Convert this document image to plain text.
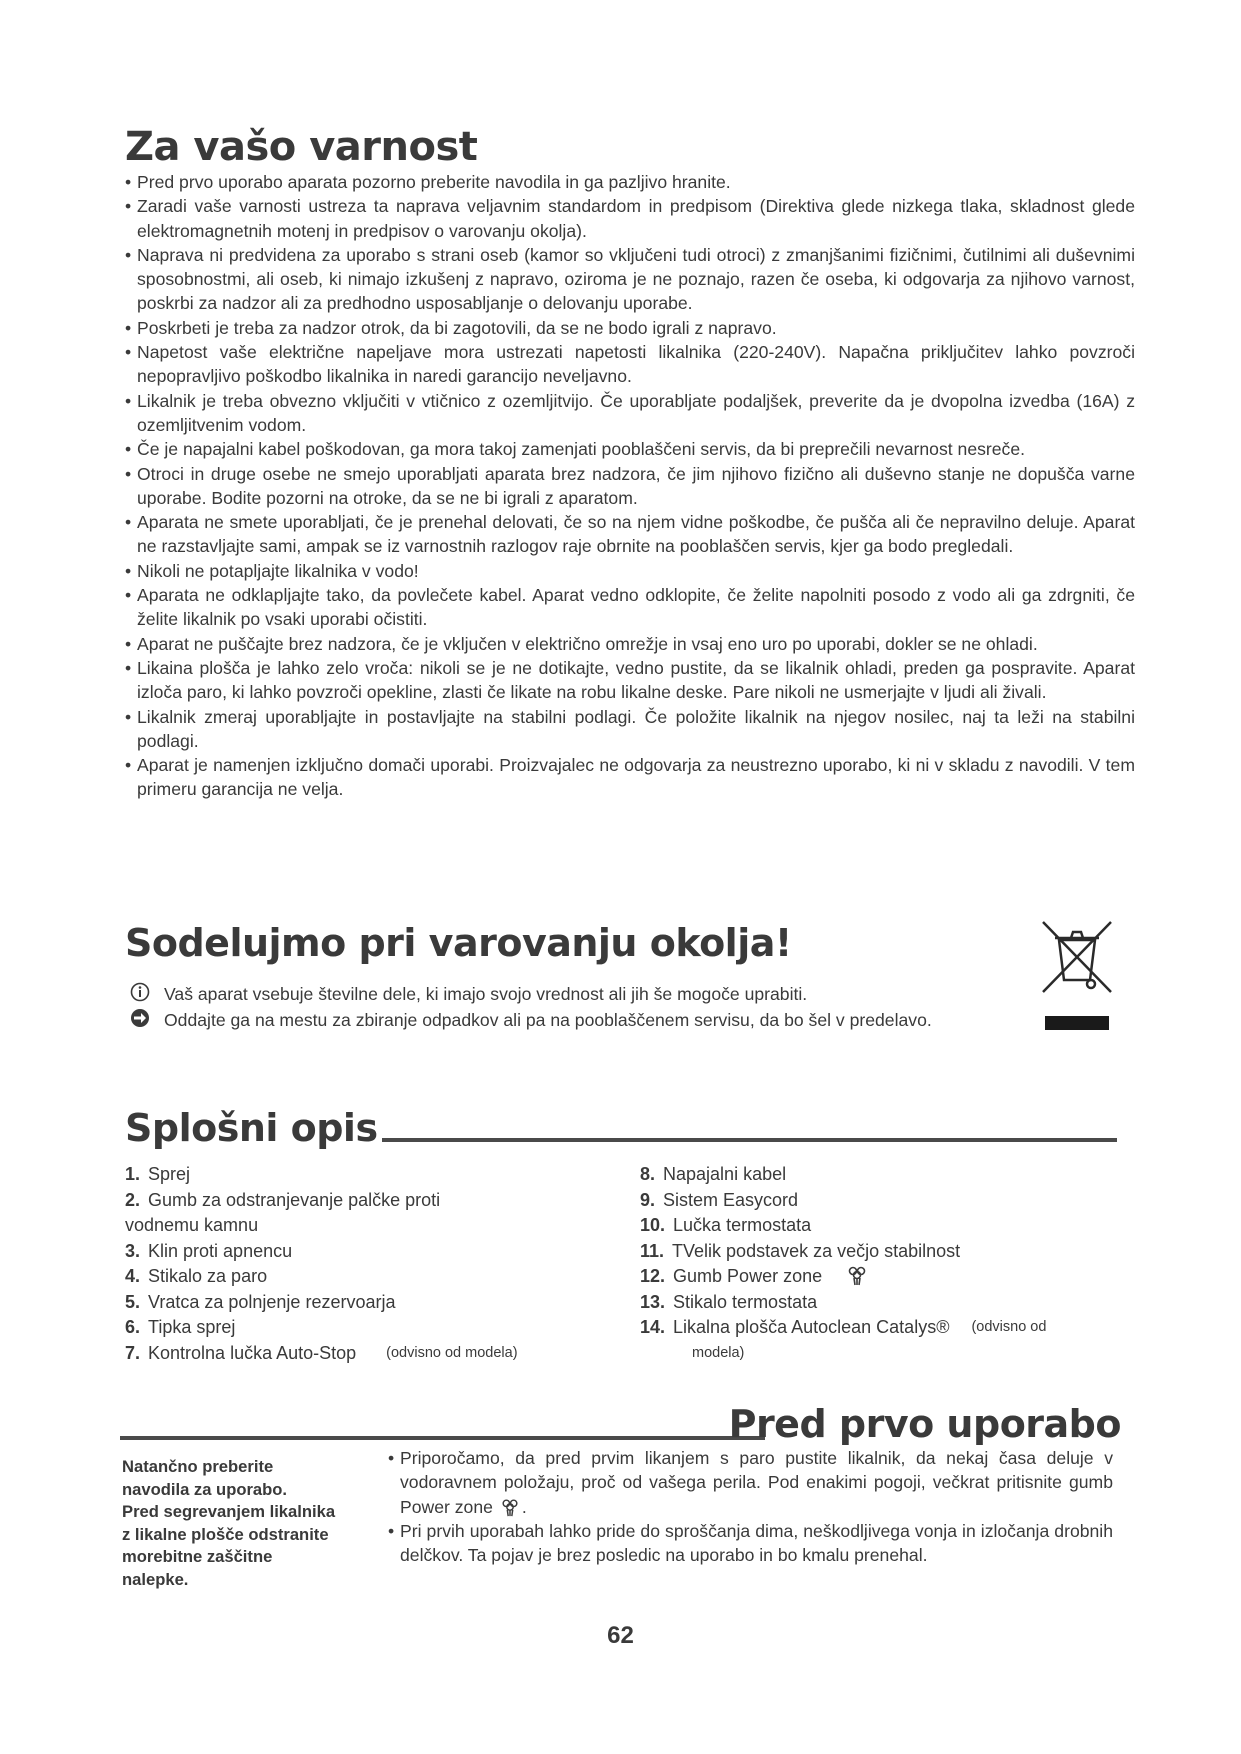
Za vašo varnost
• Pred prvo uporabo aparata pozorno preberite navodila in ga pazljivo hranite.
• Zaradi vaše varnosti ustreza ta naprava veljavnim standardom in predpisom (Direktiva glede nizkega tlaka, skladnost glede elektromagnetnih motenj in predpisov o varovanju okolja).
• Naprava ni predvidena za uporabo s strani oseb (kamor so vključeni tudi otroci) z zmanjšanimi fizičnimi, čutilnimi ali duševnimi sposobnostmi, ali oseb, ki nimajo izkušenj z napravo, oziroma je ne poznajo, razen če oseba, ki odgovarja za njihovo varnost, poskrbi za nadzor ali za predhodno usposabljanje o delovanju uporabe.
• Poskrbeti je treba za nadzor otrok, da bi zagotovili, da se ne bodo igrali z napravo.
• Napetost vaše električne napeljave mora ustrezati napetosti likalnika (220-240V). Napačna priključitev lahko povzroči nepopravljivo poškodbo likalnika in naredi garancijo neveljavno.
• Likalnik je treba obvezno vključiti v vtičnico z ozemljitvijo. Če uporabljate podaljšek, preverite da je dvopolna izvedba (16A) z ozemljitvenim vodom.
• Če je napajalni kabel poškodovan, ga mora takoj zamenjati pooblaščeni servis, da bi preprečili nevarnost nesreče.
• Otroci in druge osebe ne smejo uporabljati aparata brez nadzora, če jim njihovo fizično ali duševno stanje ne dopušča varne uporabe. Bodite pozorni na otroke, da se ne bi igrali z aparatom.
• Aparata ne smete uporabljati, če je prenehal delovati, če so na njem vidne poškodbe, če pušča ali če nepravilno deluje. Aparat ne razstavljajte sami, ampak se iz varnostnih razlogov raje obrnite na pooblaščen servis, kjer ga bodo pregledali.
• Nikoli ne potapljajte likalnika v vodo!
• Aparata ne odklapljajte tako, da povlečete kabel. Aparat vedno odklopite, če želite napolniti posodo z vodo ali ga zdrgniti, če želite likalnik po vsaki uporabi očistiti.
• Aparat ne puščajte brez nadzora, če je vključen v električno omrežje in vsaj eno uro po uporabi, dokler se ne ohladi.
• Likaina plošča je lahko zelo vroča: nikoli se je ne dotikajte, vedno pustite, da se likalnik ohladi, preden ga pospravite. Aparat izloča paro, ki lahko povzroči opekline, zlasti če likate na robu likalne deske. Pare nikoli ne usmerjajte v ljudi ali živali.
• Likalnik zmeraj uporabljajte in postavljajte na stabilni podlagi. Če položite likalnik na njegov nosilec, naj ta leži na stabilni podlagi.
• Aparat je namenjen izključno domači uporabi. Proizvajalec ne odgovarja za neustrezno uporabo, ki ni v skladu z navodili. V tem primeru garancija ne velja.
Sodelujmo pri varovanju okolja!
Vaš aparat vsebuje številne dele, ki imajo svojo vrednost ali jih še mogoče uprabiti.
Oddajte ga na mestu za zbiranje odpadkov ali pa na pooblaščenem servisu, da bo šel v predelavo.
Splošni opis
1. Sprej
2. Gumb za odstranjevanje palčke proti
vodnemu kamnu
3. Klin proti apnencu
4. Stikalo za paro
5. Vratca za polnjenje rezervoarja
6. Tipka sprej
7. Kontrolna lučka Auto-Stop (odvisno od modela)
8. Napajalni kabel
9. Sistem Easycord
10. Lučka termostata
11. TVelik podstavek za večjo stabilnost
12. Gumb Power zone
13. Stikalo termostata
14. Likalna plošča Autoclean Catalys® (odvisno od
modela)
Pred prvo uporabo
Natančno preberite
navodila za uporabo.
Pred segrevanjem likalnika
z likalne plošče odstranite
morebitne zaščitne
nalepke.
• Priporočamo, da pred prvim likanjem s paro pustite likalnik, da nekaj časa deluje v vodoravnem položaju, proč od vašega perila. Pod enakimi pogoji, večkrat pritisnite gumb Power zone .
• Pri prvih uporabah lahko pride do sproščanja dima, neškodljivega vonja in izločanja drobnih delčkov. Ta pojav je brez posledic na uporabo in bo kmalu prenehal.
62
